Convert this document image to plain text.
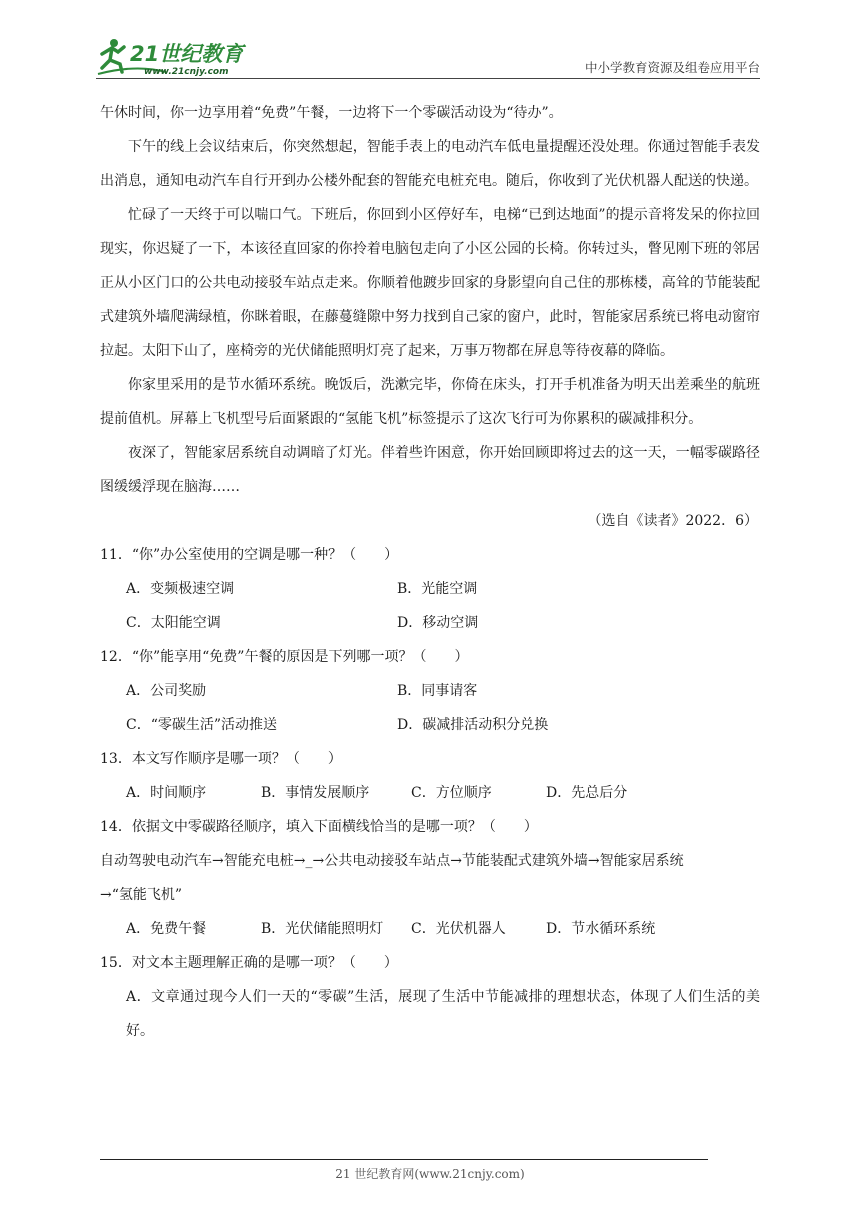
21世纪教育
www.21cnjy.com	中小学教育资源及组卷应用平台

午休时间，你一边享用着“免费”午餐，一边将下一个零碳活动设为“待办”。

下午的线上会议结束后，你突然想起，智能手表上的电动汽车低电量提醒还没处理。你通过智能手表发出消息，通知电动汽车自行开到办公楼外配套的智能充电桩充电。随后，你收到了光伏机器人配送的快递。

忙碌了一天终于可以喘口气。下班后，你回到小区停好车，电梯“已到达地面”的提示音将发呆的你拉回现实，你迟疑了一下，本该径直回家的你拎着电脑包走向了小区公园的长椅。你转过头，瞥见刚下班的邻居正从小区门口的公共电动接驳车站点走来。你顺着他踱步回家的身影望向自己住的那栋楼，高耸的节能装配式建筑外墙爬满绿植，你眯着眼，在藤蔓缝隙中努力找到自己家的窗户，此时，智能家居系统已将电动窗帘拉起。太阳下山了，座椅旁的光伏储能照明灯亮了起来，万事万物都在屏息等待夜幕的降临。

你家里采用的是节水循环系统。晚饭后，洗漱完毕，你倚在床头，打开手机准备为明天出差乘坐的航班提前值机。屏幕上飞机型号后面紧跟的“氢能飞机”标签提示了这次飞行可为你累积的碳减排积分。

夜深了，智能家居系统自动调暗了灯光。伴着些许困意，你开始回顾即将过去的这一天，一幅零碳路径图缓缓浮现在脑海……

（选自《读者》2022．6）

11．“你”办公室使用的空调是哪一种？（　　）

A．变频极速空调	B．光能空调
C．太阳能空调	D．移动空调

12．“你”能享用“免费”午餐的原因是下列哪一项？（　　）

A．公司奖励	B．同事请客
C．“零碳生活”活动推送	D．碳减排活动积分兑换

13．本文写作顺序是哪一项？（　　）

A．时间顺序	B．事情发展顺序	C．方位顺序	D．先总后分

14．依据文中零碳路径顺序，填入下面横线恰当的是哪一项？（　　）

自动驾驶电动汽车→智能充电桩→_→公共电动接驳车站点→节能装配式建筑外墙→智能家居系统

→“氢能飞机”

A．免费午餐	B．光伏储能照明灯	C．光伏机器人	D．节水循环系统

15．对文本主题理解正确的是哪一项？（　　）

A．文章通过现今人们一天的“零碳”生活，展现了生活中节能减排的理想状态，体现了人们生活的美好。

21 世纪教育网(www.21cnjy.com)
